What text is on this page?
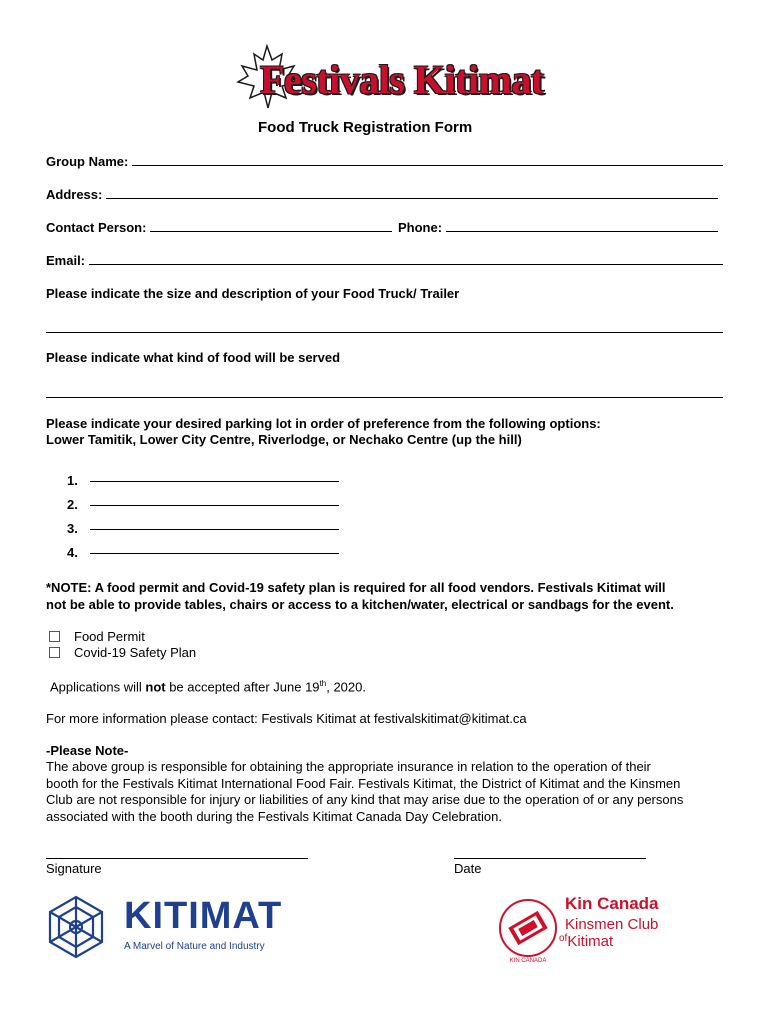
Festivals Kitimat
Food Truck Registration Form
Group Name:
Address:
Contact Person:	Phone:
Email:
Please indicate the size and description of your Food Truck/ Trailer
Please indicate what kind of food will be served
Please indicate your desired parking lot in order of preference from the following options:
Lower Tamitik, Lower City Centre, Riverlodge, or Nechako Centre (up the hill)
1.
2.
3.
4.
*NOTE: A food permit and Covid-19 safety plan is required for all food vendors. Festivals Kitimat will
not be able to provide tables, chairs or access to a kitchen/water, electrical or sandbags for the event.
Food Permit
Covid-19 Safety Plan
Applications will not be accepted after June 19th, 2020.
For more information please contact: Festivals Kitimat at festivalskitimat@kitimat.ca
-Please Note-
The above group is responsible for obtaining the appropriate insurance in relation to the operation of their
booth for the Festivals Kitimat International Food Fair. Festivals Kitimat, the District of Kitimat and the Kinsmen
Club are not responsible for injury or liabilities of any kind that may arise due to the operation of or any persons
associated with the booth during the Festivals Kitimat Canada Day Celebration.
Signature	Date
KITIMAT
A Marvel of Nature and Industry
KIN CANADA
Kin Canada
Kinsmen Club
$^{of}$Kitimat
